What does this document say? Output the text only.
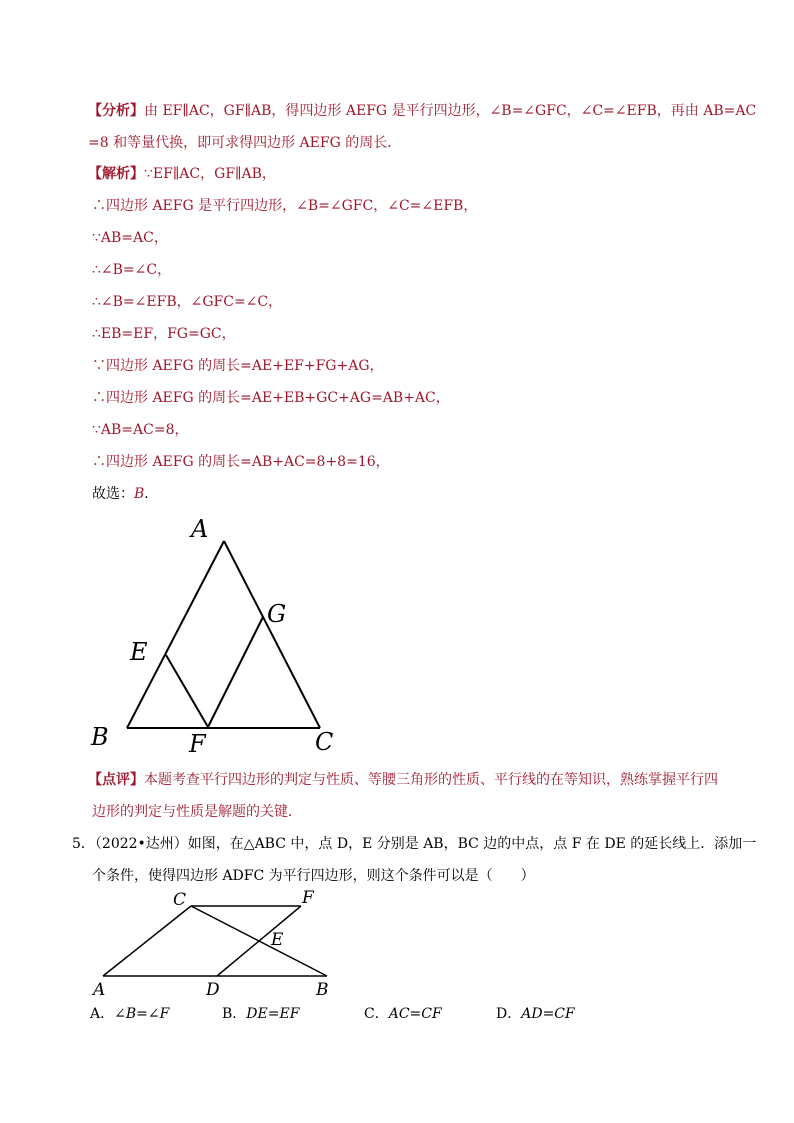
【分析】由 EF∥AC，GF∥AB，得四边形 AEFG 是平行四边形，∠B=∠GFC，∠C=∠EFB，再由 AB=AC
=8 和等量代换，即可求得四边形 AEFG 的周长．
【解析】∵EF∥AC，GF∥AB，
∴四边形 AEFG 是平行四边形，∠B=∠GFC，∠C=∠EFB，
∵AB=AC，
∴∠B=∠C，
∴∠B=∠EFB，∠GFC=∠C，
∴EB=EF，FG=GC，
∵四边形 AEFG 的周长=AE+EF+FG+AG，
∴四边形 AEFG 的周长=AE+EB+GC+AG=AB+AC，
∵AB=AC=8，
∴四边形 AEFG 的周长=AB+AC=8+8=16，
故选：B．
A
G
E
B	F	C
【点评】本题考查平行四边形的判定与性质、等腰三角形的性质、平行线的在等知识，熟练掌握平行四
边形的判定与性质是解题的关键．
5．（2022•达州）如图，在△ABC 中，点 D，E 分别是 AB，BC 边的中点，点 F 在 DE 的延长线上．添加一
个条件，使得四边形 ADFC 为平行四边形，则这个条件可以是（　　）
C	F
E
A	D	B
A．∠B=∠F	B．DE=EF	C．AC=CF	D．AD=CF
